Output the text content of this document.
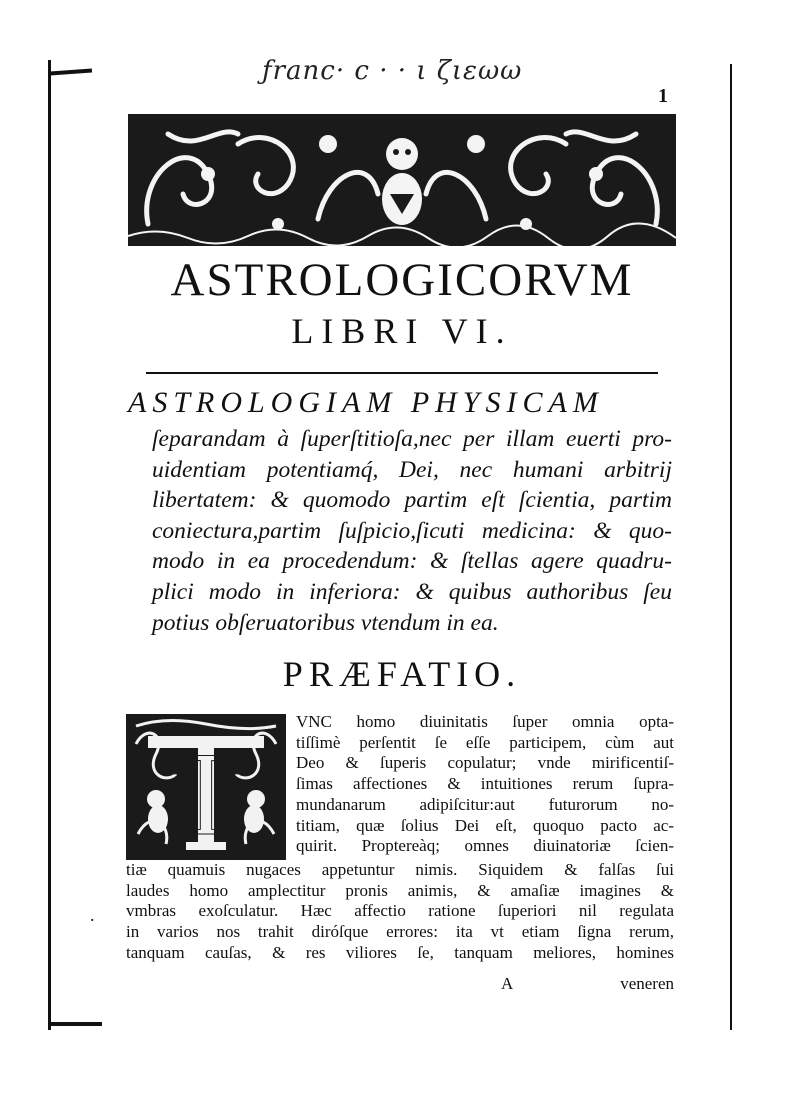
.
ƒranc· c · · ι ζιεωω
1
ASTROLOGICORVM
LIBRI VI.
ASTROLOGIAM PHYSICAM
ſeparandam à ſuperſtitioſa,nec per illam euerti pro-
uidentiam potentiamq́, Dei, nec humani arbitrij
libertatem: & quomodo partim eſt ſcientia, partim
coniectura,partim ſuſpicio,ſicuti medicina: & quo-
modo in ea procedendum: & ſtellas agere quadru-
plici modo in inferiora: & quibus authoribus ſeu
potius obſeruatoribus vtendum in ea.
PRÆFATIO.
T
VNC homo diuinitatis ſuper omnia opta-
tiſſimè perſentit ſe eſſe participem, cùm aut
Deo & ſuperis copulatur; vnde mirificentiſ-
ſimas affectiones & intuitiones rerum ſupra-
mundanarum adipiſcitur:aut futurorum no-
titiam, quæ ſolius Dei eſt, quoquo pacto ac-
quirit. Proptereàq; omnes diuinatoriæ ſcien-
tiæ quamuis nugaces appetuntur nimis. Siquidem & falſas ſui
laudes homo amplectitur pronis animis, & amaſiæ imagines &
vmbras exoſculatur. Hæc affectio ratione ſuperiori nil regulata
in varios nos trahit diróſque errores: ita vt etiam ſigna rerum,
tanquam cauſas, & res viliores ſe, tanquam meliores, homines
A	veneren
